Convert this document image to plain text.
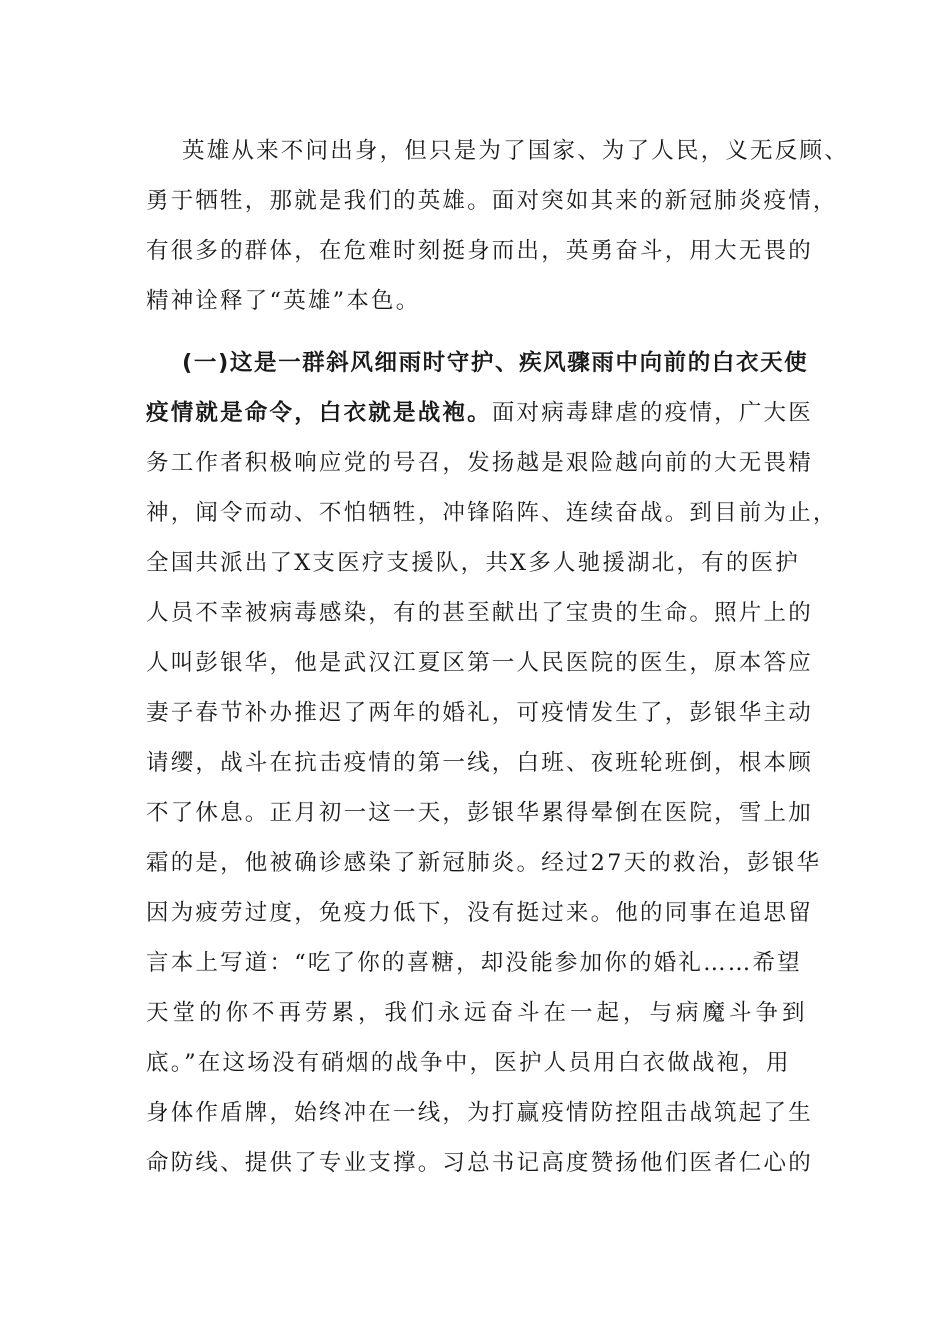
英雄从来不问出身，但只是为了国家、为了人民，义无反顾、
勇于牺牲，那就是我们的英雄。面对突如其来的新冠肺炎疫情，
有很多的群体，在危难时刻挺身而出，英勇奋斗，用大无畏的
精神诠释了“英雄”本色。
(一)这是一群斜风细雨时守护、疾风骤雨中向前的白衣天使
疫情就是命令，白衣就是战袍。面对病毒肆虐的疫情，广大医
务工作者积极响应党的号召，发扬越是艰险越向前的大无畏精
神，闻令而动、不怕牺牲，冲锋陷阵、连续奋战。到目前为止，
全国共派出了X支医疗支援队，共X多人驰援湖北，有的医护
人员不幸被病毒感染，有的甚至献出了宝贵的生命。照片上的
人叫彭银华，他是武汉江夏区第一人民医院的医生，原本答应
妻子春节补办推迟了两年的婚礼，可疫情发生了，彭银华主动
请缨，战斗在抗击疫情的第一线，白班、夜班轮班倒，根本顾
不了休息。正月初一这一天，彭银华累得晕倒在医院，雪上加
霜的是，他被确诊感染了新冠肺炎。经过27天的救治，彭银华
因为疲劳过度，免疫力低下，没有挺过来。他的同事在追思留
言本上写道：“吃了你的喜糖，却没能参加你的婚礼……希望
天堂的你不再劳累，我们永远奋斗在一起，与病魔斗争到
底。”在这场没有硝烟的战争中，医护人员用白衣做战袍，用
身体作盾牌，始终冲在一线，为打赢疫情防控阻击战筑起了生
命防线、提供了专业支撑。习总书记高度赞扬他们医者仁心的
